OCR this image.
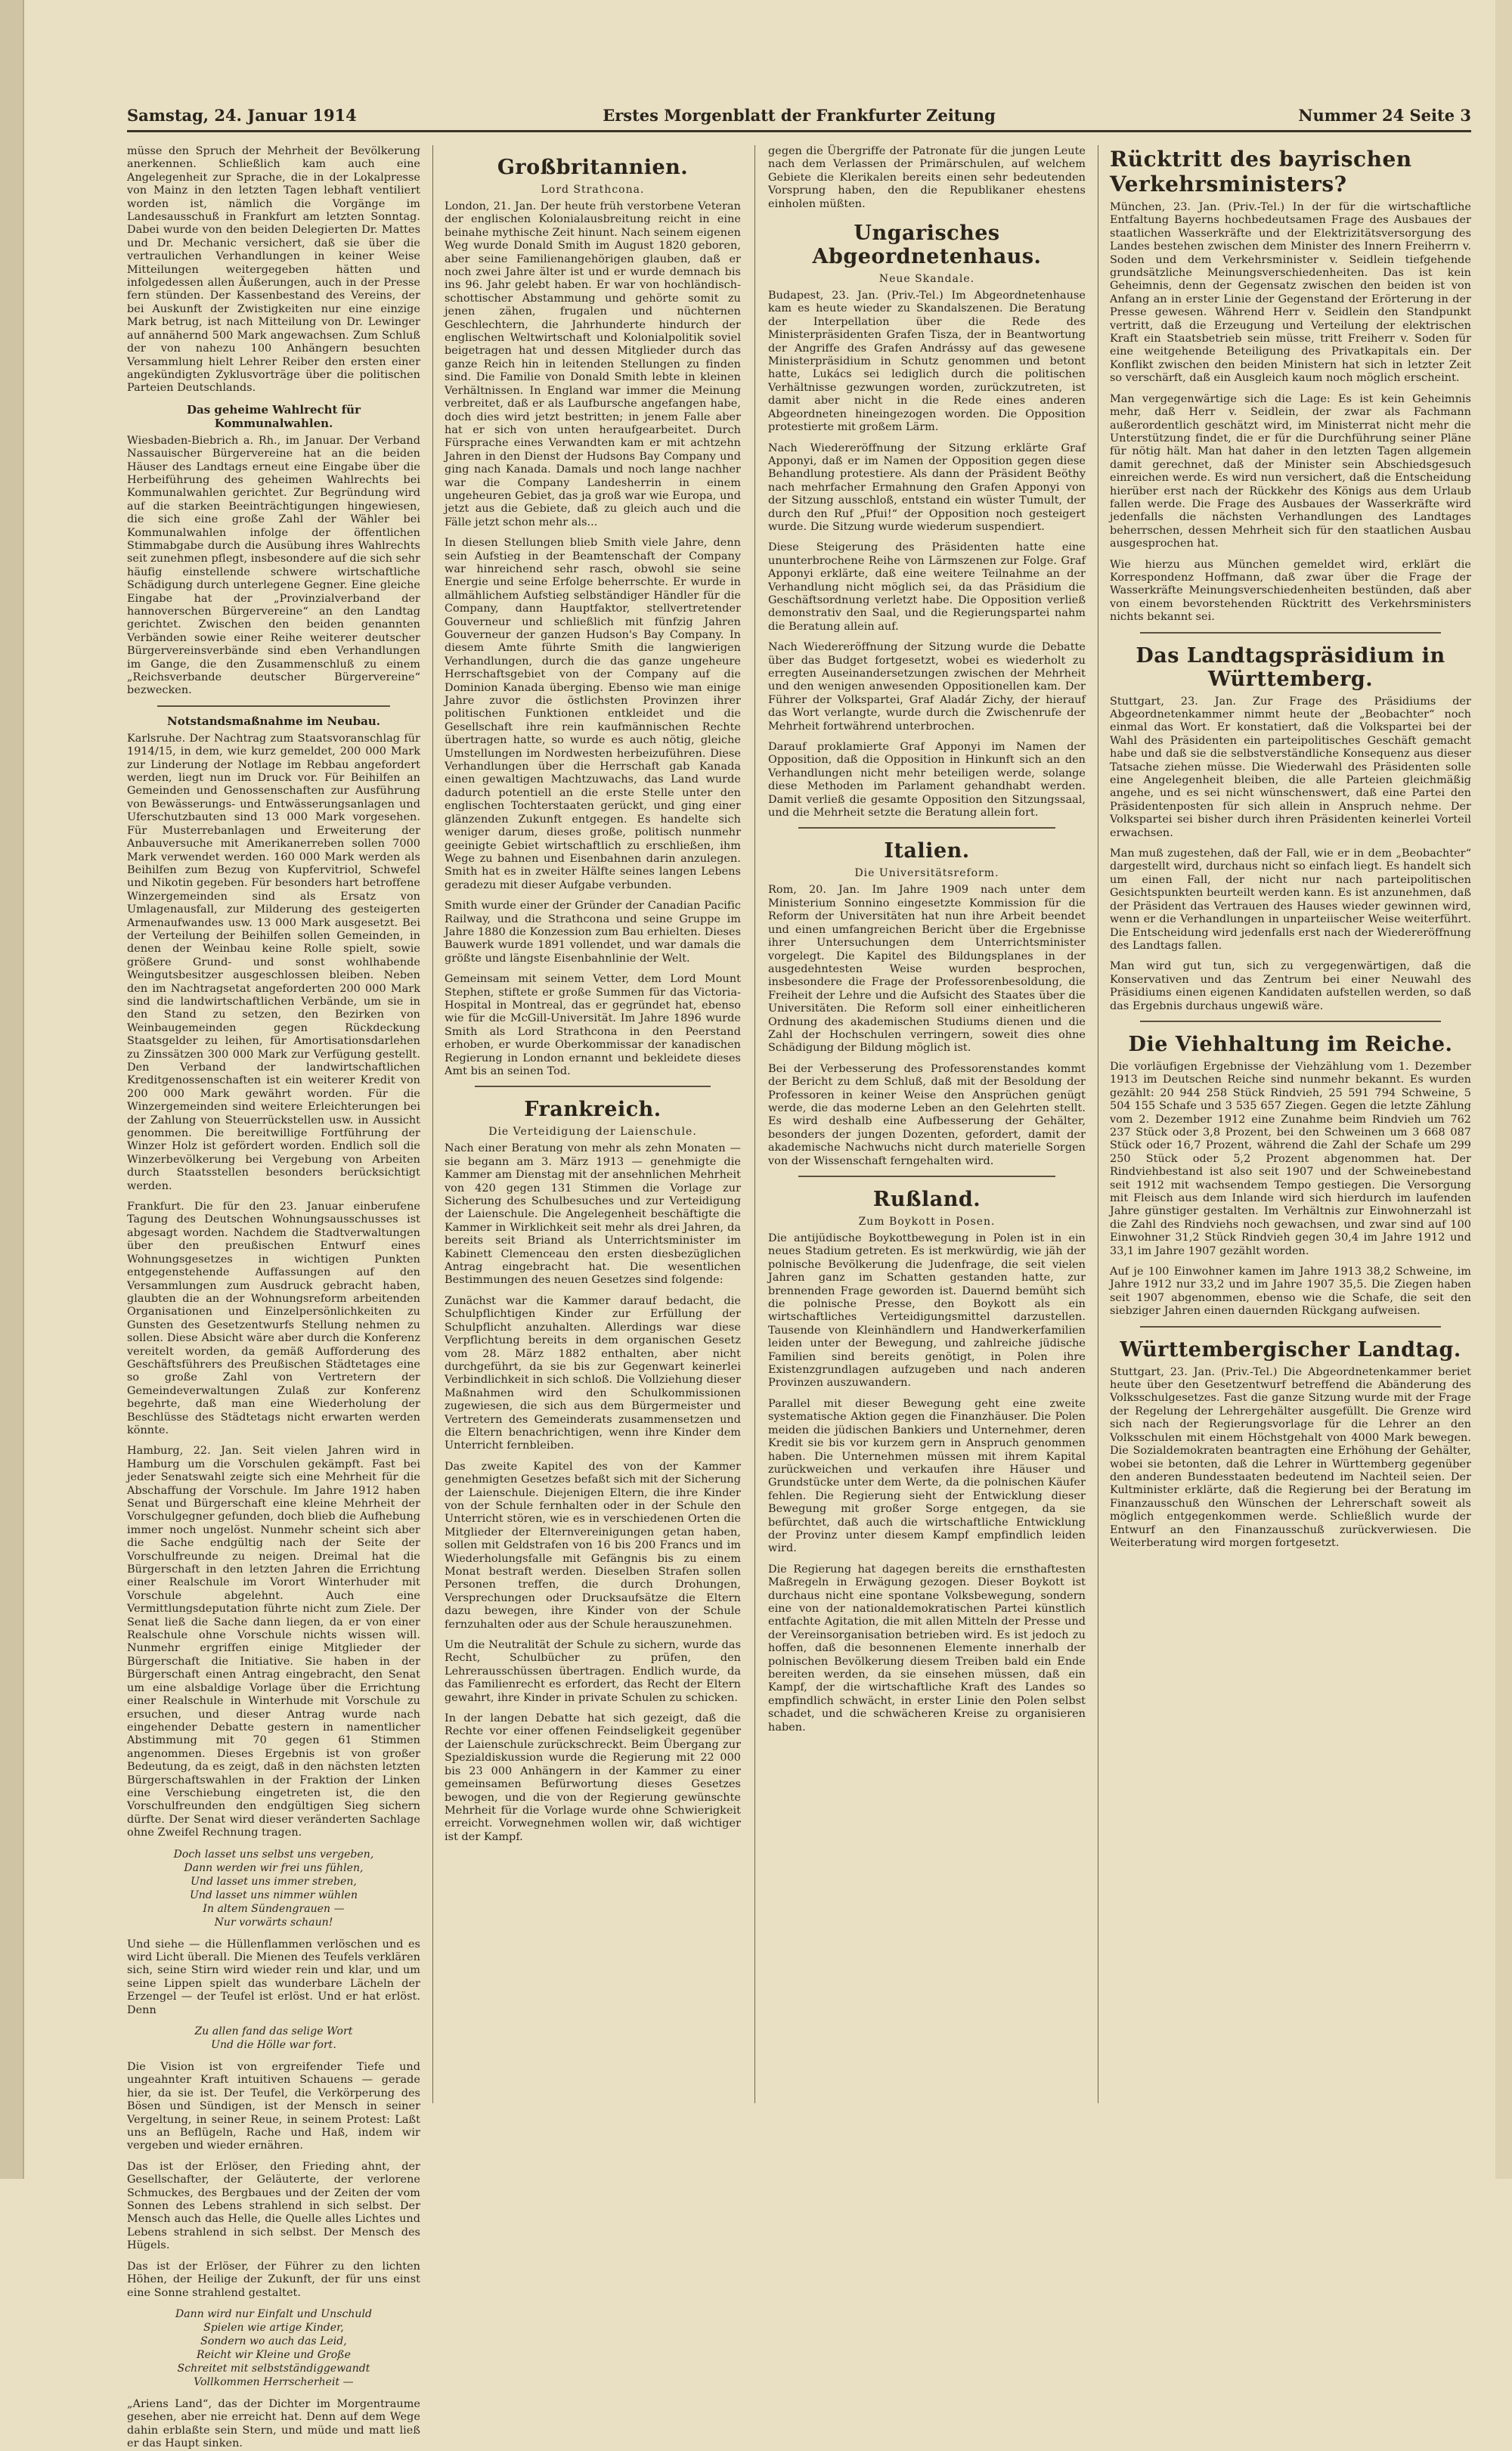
Samstag, 24. Januar 1914	Erstes Morgenblatt der Frankfurter Zeitung	Nummer 24 Seite 3

müsse den Spruch der Mehrheit der Bevölkerung anerkennen. Schließlich kam auch eine Angelegenheit zur Sprache, die in der Lokalpresse von Mainz in den letzten Tagen lebhaft ventiliert worden ist, nämlich die Vorgänge im Landesausschuß in Frankfurt am letzten Sonntag. Dabei wurde von den beiden Delegierten Dr. Mattes und Dr. Mechanic versichert, daß sie über die vertraulichen Verhandlungen in keiner Weise Mitteilungen weitergegeben hätten und infolgedessen allen Äußerungen, auch in der Presse fern stünden. Der Kassenbestand des Vereins, der bei Auskunft der Zwistigkeiten nur eine einzige Mark betrug, ist nach Mitteilung von Dr. Lewinger auf annähernd 500 Mark angewachsen. Zum Schluß der von nahezu 100 Anhängern besuchten Versammlung hielt Lehrer Reiber den ersten einer angekündigten Zyklusvorträge über die politischen Parteien Deutschlands.

Das geheime Wahlrecht für Kommunalwahlen.

Wiesbaden-Biebrich a. Rh., im Januar. Der Verband Nassauischer Bürgervereine hat an die beiden Häuser des Landtags erneut eine Eingabe über die Herbeiführung des geheimen Wahlrechts bei Kommunalwahlen gerichtet. Zur Begründung wird auf die starken Beeinträchtigungen hingewiesen, die sich eine große Zahl der Wähler bei Kommunalwahlen infolge der öffentlichen Stimmabgabe durch die Ausübung ihres Wahlrechts seit zunehmen pflegt, insbesondere auf die sich sehr häufig einstellende schwere wirtschaftliche Schädigung durch unterlegene Gegner. Eine gleiche Eingabe hat der „Provinzialverband der hannoverschen Bürgervereine“ an den Landtag gerichtet. Zwischen den beiden genannten Verbänden sowie einer Reihe weiterer deutscher Bürgervereinsverbände sind eben Verhandlungen im Gange, die den Zusammenschluß zu einem „Reichsverbande deutscher Bürgervereine“ bezwecken.

Notstandsmaßnahme im Neubau.

Karlsruhe. Der Nachtrag zum Staatsvoranschlag für 1914/15, in dem, wie kurz gemeldet, 200 000 Mark zur Linderung der Notlage im Rebbau angefordert werden, liegt nun im Druck vor. Für Beihilfen an Gemeinden und Genossenschaften zur Ausführung von Bewässerungs- und Entwässerungsanlagen und Uferschutzbauten sind 13 000 Mark vorgesehen. Für Musterrebanlagen und Erweiterung der Anbauversuche mit Amerikanerreben sollen 7000 Mark verwendet werden. 160 000 Mark werden als Beihilfen zum Bezug von Kupfervitriol, Schwefel und Nikotin gegeben. Für besonders hart betroffene Winzergemeinden sind als Ersatz von Umlagenausfall, zur Milderung des gesteigerten Armenaufwandes usw. 13 000 Mark ausgesetzt. Bei der Verteilung der Beihilfen sollen Gemeinden, in denen der Weinbau keine Rolle spielt, sowie größere Grund- und sonst wohlhabende Weingutsbesitzer ausgeschlossen bleiben. Neben den im Nachtragsetat angeforderten 200 000 Mark sind die landwirtschaftlichen Verbände, um sie in den Stand zu setzen, den Bezirken von Weinbaugemeinden gegen Rückdeckung Staatsgelder zu leihen, für Amortisationsdarlehen zu Zinssätzen 300 000 Mark zur Verfügung gestellt. Den Verband der landwirtschaftlichen Kreditgenossenschaften ist ein weiterer Kredit von 200 000 Mark gewährt worden. Für die Winzergemeinden sind weitere Erleichterungen bei der Zahlung von Steuerrückstellen usw. in Aussicht genommen. Die bereitwillige Fortführung der Winzer Holz ist gefördert worden. Endlich soll die Winzerbevölkerung bei Vergebung von Arbeiten durch Staatsstellen besonders berücksichtigt werden.

Frankfurt. Die für den 23. Januar einberufene Tagung des Deutschen Wohnungsausschusses ist abgesagt worden. Nachdem die Stadtverwaltungen über den preußischen Entwurf eines Wohnungsgesetzes in wichtigen Punkten entgegenstehende Auffassungen auf den Versammlungen zum Ausdruck gebracht haben, glaubten die an der Wohnungsreform arbeitenden Organisationen und Einzelpersönlichkeiten zu Gunsten des Gesetzentwurfs Stellung nehmen zu sollen. Diese Absicht wäre aber durch die Konferenz vereitelt worden, da gemäß Aufforderung des Geschäftsführers des Preußischen Städtetages eine so große Zahl von Vertretern der Gemeindeverwaltungen Zulaß zur Konferenz begehrte, daß man eine Wiederholung der Beschlüsse des Städtetags nicht erwarten werden könnte.

Hamburg, 22. Jan. Seit vielen Jahren wird in Hamburg um die Vorschulen gekämpft. Fast bei jeder Senatswahl zeigte sich eine Mehrheit für die Abschaffung der Vorschule. Im Jahre 1912 haben Senat und Bürgerschaft eine kleine Mehrheit der Vorschulgegner gefunden, doch blieb die Aufhebung immer noch ungelöst. Nunmehr scheint sich aber die Sache endgültig nach der Seite der Vorschulfreunde zu neigen. Dreimal hat die Bürgerschaft in den letzten Jahren die Errichtung einer Realschule im Vorort Winterhuder mit Vorschule abgelehnt. Auch eine Vermittlungsdeputation führte nicht zum Ziele. Der Senat ließ die Sache dann liegen, da er von einer Realschule ohne Vorschule nichts wissen will. Nunmehr ergriffen einige Mitglieder der Bürgerschaft die Initiative. Sie haben in der Bürgerschaft einen Antrag eingebracht, den Senat um eine alsbaldige Vorlage über die Errichtung einer Realschule in Winterhude mit Vorschule zu ersuchen, und dieser Antrag wurde nach eingehender Debatte gestern in namentlicher Abstimmung mit 70 gegen 61 Stimmen angenommen. Dieses Ergebnis ist von großer Bedeutung, da es zeigt, daß in den nächsten letzten Bürgerschaftswahlen in der Fraktion der Linken eine Verschiebung eingetreten ist, die den Vorschulfreunden den endgültigen Sieg sichern dürfte. Der Senat wird dieser veränderten Sachlage ohne Zweifel Rechnung tragen.

Doch lasset uns selbst uns vergeben,

Dann werden wir frei uns fühlen,

Und lasset uns immer streben,

Und lasset uns nimmer wühlen

In altem Sündengrauen —

Nur vorwärts schaun!

Und siehe — die Hüllenflammen verlöschen und es wird Licht überall. Die Mienen des Teufels verklären sich, seine Stirn wird wieder rein und klar, und um seine Lippen spielt das wunderbare Lächeln der Erzengel — der Teufel ist erlöst. Und er hat erlöst. Denn

Zu allen fand das selige Wort

Und die Hölle war fort.

Die Vision ist von ergreifender Tiefe und ungeahnter Kraft intuitiven Schauens — gerade hier, da sie ist. Der Teufel, die Verkörperung des Bösen und Sündigen, ist der Mensch in seiner Vergeltung, in seiner Reue, in seinem Protest: Laßt uns an Beflügeln, Rache und Haß, indem wir vergeben und wieder ernähren.

Das ist der Erlöser, den Frieding ahnt, der Gesellschafter, der Geläuterte, der verlorene Schmuckes, des Bergbaues und der Zeiten der vom Sonnen des Lebens strahlend in sich selbst. Der Mensch auch das Helle, die Quelle alles Lichtes und Lebens strahlend in sich selbst. Der Mensch des Hügels.

Das ist der Erlöser, der Führer zu den lichten Höhen, der Heilige der Zukunft, der für uns einst eine Sonne strahlend gestaltet.

Dann wird nur Einfalt und Unschuld

Spielen wie artige Kinder,

Sondern wo auch das Leid,

Reicht wir Kleine und Große

Schreitet mit selbstständiggewandt

Vollkommen Herrscherheit —

„Ariens Land“, das der Dichter im Morgentraume gesehen, aber nie erreicht hat. Denn auf dem Wege dahin erblaßte sein Stern, und müde und matt ließ er das Haupt sinken.

Großbritannien.
Lord Strathcona.

London, 21. Jan. Der heute früh verstorbene Veteran der englischen Kolonialausbreitung reicht in eine beinahe mythische Zeit hinunt. Nach seinem eigenen Weg wurde Donald Smith im August 1820 geboren, aber seine Familienangehörigen glauben, daß er noch zwei Jahre älter ist und er wurde demnach bis ins 96. Jahr gelebt haben. Er war von hochländisch-schottischer Abstammung und gehörte somit zu jenen zähen, frugalen und nüchternen Geschlechtern, die Jahrhunderte hindurch der englischen Weltwirtschaft und Kolonialpolitik soviel beigetragen hat und dessen Mitglieder durch das ganze Reich hin in leitenden Stellungen zu finden sind. Die Familie von Donald Smith lebte in kleinen Verhältnissen. In England war immer die Meinung verbreitet, daß er als Laufbursche angefangen habe, doch dies wird jetzt bestritten; in jenem Falle aber hat er sich von unten heraufgearbeitet. Durch Fürsprache eines Verwandten kam er mit achtzehn Jahren in den Dienst der Hudsons Bay Company und ging nach Kanada. Damals und noch lange nachher war die Company Landesherrin in einem ungeheuren Gebiet, das ja groß war wie Europa, und jetzt aus die Gebiete, daß zu gleich auch und die Fälle jetzt schon mehr als...

In diesen Stellungen blieb Smith viele Jahre, denn sein Aufstieg in der Beamtenschaft der Company war hinreichend sehr rasch, obwohl sie seine Energie und seine Erfolge beherrschte. Er wurde in allmählichem Aufstieg selbständiger Händler für die Company, dann Hauptfaktor, stellvertretender Gouverneur und schließlich mit fünfzig Jahren Gouverneur der ganzen Hudson's Bay Company. In diesem Amte führte Smith die langwierigen Verhandlungen, durch die das ganze ungeheure Herrschaftsgebiet von der Company auf die Dominion Kanada überging. Ebenso wie man einige Jahre zuvor die östlichsten Provinzen ihrer politischen Funktionen entkleidet und die Gesellschaft ihre rein kaufmännischen Rechte übertragen hatte, so wurde es auch nötig, gleiche Umstellungen im Nordwesten herbeizuführen. Diese Verhandlungen über die Herrschaft gab Kanada einen gewaltigen Machtzuwachs, das Land wurde dadurch potentiell an die erste Stelle unter den englischen Tochterstaaten gerückt, und ging einer glänzenden Zukunft entgegen. Es handelte sich weniger darum, dieses große, politisch nunmehr geeinigte Gebiet wirtschaftlich zu erschließen, ihm Wege zu bahnen und Eisenbahnen darin anzulegen. Smith hat es in zweiter Hälfte seines langen Lebens geradezu mit dieser Aufgabe verbunden.

Smith wurde einer der Gründer der Canadian Pacific Railway, und die Strathcona und seine Gruppe im Jahre 1880 die Konzession zum Bau erhielten. Dieses Bauwerk wurde 1891 vollendet, und war damals die größte und längste Eisenbahnlinie der Welt.

Gemeinsam mit seinem Vetter, dem Lord Mount Stephen, stiftete er große Summen für das Victoria-Hospital in Montreal, das er gegründet hat, ebenso wie für die McGill-Universität. Im Jahre 1896 wurde Smith als Lord Strathcona in den Peerstand erhoben, er wurde Oberkommissar der kanadischen Regierung in London ernannt und bekleidete dieses Amt bis an seinen Tod.

Frankreich.
Die Verteidigung der Laienschule.

Nach einer Beratung von mehr als zehn Monaten — sie begann am 3. März 1913 — genehmigte die Kammer am Dienstag mit der ansehnlichen Mehrheit von 420 gegen 131 Stimmen die Vorlage zur Sicherung des Schulbesuches und zur Verteidigung der Laienschule. Die Angelegenheit beschäftigte die Kammer in Wirklichkeit seit mehr als drei Jahren, da bereits seit Briand als Unterrichtsminister im Kabinett Clemenceau den ersten diesbezüglichen Antrag eingebracht hat. Die wesentlichen Bestimmungen des neuen Gesetzes sind folgende:

Zunächst war die Kammer darauf bedacht, die Schulpflichtigen Kinder zur Erfüllung der Schulpflicht anzuhalten. Allerdings war diese Verpflichtung bereits in dem organischen Gesetz vom 28. März 1882 enthalten, aber nicht durchgeführt, da sie bis zur Gegenwart keinerlei Verbindlichkeit in sich schloß. Die Vollziehung dieser Maßnahmen wird den Schulkommissionen zugewiesen, die sich aus dem Bürgermeister und Vertretern des Gemeinderats zusammensetzen und die Eltern benachrichtigen, wenn ihre Kinder dem Unterricht fernbleiben.

Das zweite Kapitel des von der Kammer genehmigten Gesetzes befaßt sich mit der Sicherung der Laienschule. Diejenigen Eltern, die ihre Kinder von der Schule fernhalten oder in der Schule den Unterricht stören, wie es in verschiedenen Orten die Mitglieder der Elternvereinigungen getan haben, sollen mit Geldstrafen von 16 bis 200 Francs und im Wiederholungsfalle mit Gefängnis bis zu einem Monat bestraft werden. Dieselben Strafen sollen Personen treffen, die durch Drohungen, Versprechungen oder Drucksaufsätze die Eltern dazu bewegen, ihre Kinder von der Schule fernzuhalten oder aus der Schule herauszunehmen.

Um die Neutralität der Schule zu sichern, wurde das Recht, Schulbücher zu prüfen, den Lehrerausschüssen übertragen. Endlich wurde, da das Familienrecht es erfordert, das Recht der Eltern gewahrt, ihre Kinder in private Schulen zu schicken.

In der langen Debatte hat sich gezeigt, daß die Rechte vor einer offenen Feindseligkeit gegenüber der Laienschule zurückschreckt. Beim Übergang zur Spezialdiskussion wurde die Regierung mit 22 000 bis 23 000 Anhängern in der Kammer zu einer gemeinsamen Befürwortung dieses Gesetzes bewogen, und die von der Regierung gewünschte Mehrheit für die Vorlage wurde ohne Schwierigkeit erreicht. Vorwegnehmen wollen wir, daß wichtiger ist der Kampf.

gegen die Übergriffe der Patronate für die jungen Leute nach dem Verlassen der Primärschulen, auf welchem Gebiete die Klerikalen bereits einen sehr bedeutenden Vorsprung haben, den die Republikaner ehestens einholen müßten.

Ungarisches Abgeordnetenhaus.
Neue Skandale.

Budapest, 23. Jan. (Priv.-Tel.) Im Abgeordnetenhause kam es heute wieder zu Skandalszenen. Die Beratung der Interpellation über die Rede des Ministerpräsidenten Grafen Tisza, der in Beantwortung der Angriffe des Grafen Andrássy auf das gewesene Ministerpräsidium in Schutz genommen und betont hatte, Lukács sei lediglich durch die politischen Verhältnisse gezwungen worden, zurückzutreten, ist damit aber nicht in die Rede eines anderen Abgeordneten hineingezogen worden. Die Opposition protestierte mit großem Lärm.

Nach Wiedereröffnung der Sitzung erklärte Graf Apponyi, daß er im Namen der Opposition gegen diese Behandlung protestiere. Als dann der Präsident Beöthy nach mehrfacher Ermahnung den Grafen Apponyi von der Sitzung ausschloß, entstand ein wüster Tumult, der durch den Ruf „Pfui!“ der Opposition noch gesteigert wurde. Die Sitzung wurde wiederum suspendiert.

Diese Steigerung des Präsidenten hatte eine ununterbrochene Reihe von Lärmszenen zur Folge. Graf Apponyi erklärte, daß eine weitere Teilnahme an der Verhandlung nicht möglich sei, da das Präsidium die Geschäftsordnung verletzt habe. Die Opposition verließ demonstrativ den Saal, und die Regierungspartei nahm die Beratung allein auf.

Nach Wiedereröffnung der Sitzung wurde die Debatte über das Budget fortgesetzt, wobei es wiederholt zu erregten Auseinandersetzungen zwischen der Mehrheit und den wenigen anwesenden Oppositionellen kam. Der Führer der Volkspartei, Graf Aladár Zichy, der hierauf das Wort verlangte, wurde durch die Zwischenrufe der Mehrheit fortwährend unterbrochen.

Darauf proklamierte Graf Apponyi im Namen der Opposition, daß die Opposition in Hinkunft sich an den Verhandlungen nicht mehr beteiligen werde, solange diese Methoden im Parlament gehandhabt werden. Damit verließ die gesamte Opposition den Sitzungssaal, und die Mehrheit setzte die Beratung allein fort.

Italien.
Die Universitätsreform.

Rom, 20. Jan. Im Jahre 1909 nach unter dem Ministerium Sonnino eingesetzte Kommission für die Reform der Universitäten hat nun ihre Arbeit beendet und einen umfangreichen Bericht über die Ergebnisse ihrer Untersuchungen dem Unterrichtsminister vorgelegt. Die Kapitel des Bildungsplanes in der ausgedehntesten Weise wurden besprochen, insbesondere die Frage der Professorenbesoldung, die Freiheit der Lehre und die Aufsicht des Staates über die Universitäten. Die Reform soll einer einheitlicheren Ordnung des akademischen Studiums dienen und die Zahl der Hochschulen verringern, soweit dies ohne Schädigung der Bildung möglich ist.

Bei der Verbesserung des Professorenstandes kommt der Bericht zu dem Schluß, daß mit der Besoldung der Professoren in keiner Weise den Ansprüchen genügt werde, die das moderne Leben an den Gelehrten stellt. Es wird deshalb eine Aufbesserung der Gehälter, besonders der jungen Dozenten, gefordert, damit der akademische Nachwuchs nicht durch materielle Sorgen von der Wissenschaft ferngehalten wird.

Rußland.
Zum Boykott in Posen.

Die antijüdische Boykottbewegung in Polen ist in ein neues Stadium getreten. Es ist merkwürdig, wie jäh der polnische Bevölkerung die Judenfrage, die seit vielen Jahren ganz im Schatten gestanden hatte, zur brennenden Frage geworden ist. Dauernd bemüht sich die polnische Presse, den Boykott als ein wirtschaftliches Verteidigungsmittel darzustellen. Tausende von Kleinhändlern und Handwerkerfamilien leiden unter der Bewegung, und zahlreiche jüdische Familien sind bereits genötigt, in Polen ihre Existenzgrundlagen aufzugeben und nach anderen Provinzen auszuwandern.

Parallel mit dieser Bewegung geht eine zweite systematische Aktion gegen die Finanzhäuser. Die Polen meiden die jüdischen Bankiers und Unternehmer, deren Kredit sie bis vor kurzem gern in Anspruch genommen haben. Die Unternehmen müssen mit ihrem Kapital zurückweichen und verkaufen ihre Häuser und Grundstücke unter dem Werte, da die polnischen Käufer fehlen. Die Regierung sieht der Entwicklung dieser Bewegung mit großer Sorge entgegen, da sie befürchtet, daß auch die wirtschaftliche Entwicklung der Provinz unter diesem Kampf empfindlich leiden wird.

Die Regierung hat dagegen bereits die ernsthaftesten Maßregeln in Erwägung gezogen. Dieser Boykott ist durchaus nicht eine spontane Volksbewegung, sondern eine von der nationaldemokratischen Partei künstlich entfachte Agitation, die mit allen Mitteln der Presse und der Vereinsorganisation betrieben wird. Es ist jedoch zu hoffen, daß die besonnenen Elemente innerhalb der polnischen Bevölkerung diesem Treiben bald ein Ende bereiten werden, da sie einsehen müssen, daß ein Kampf, der die wirtschaftliche Kraft des Landes so empfindlich schwächt, in erster Linie den Polen selbst schadet, und die schwächeren Kreise zu organisieren haben.

Rücktritt des bayrischen Verkehrsministers?

München, 23. Jan. (Priv.-Tel.) In der für die wirtschaftliche Entfaltung Bayerns hochbedeutsamen Frage des Ausbaues der staatlichen Wasserkräfte und der Elektrizitätsversorgung des Landes bestehen zwischen dem Minister des Innern Freiherrn v. Soden und dem Verkehrsminister v. Seidlein tiefgehende grundsätzliche Meinungsverschiedenheiten. Das ist kein Geheimnis, denn der Gegensatz zwischen den beiden ist von Anfang an in erster Linie der Gegenstand der Erörterung in der Presse gewesen. Während Herr v. Seidlein den Standpunkt vertritt, daß die Erzeugung und Verteilung der elektrischen Kraft ein Staatsbetrieb sein müsse, tritt Freiherr v. Soden für eine weitgehende Beteiligung des Privatkapitals ein. Der Konflikt zwischen den beiden Ministern hat sich in letzter Zeit so verschärft, daß ein Ausgleich kaum noch möglich erscheint.

Man vergegenwärtige sich die Lage: Es ist kein Geheimnis mehr, daß Herr v. Seidlein, der zwar als Fachmann außerordentlich geschätzt wird, im Ministerrat nicht mehr die Unterstützung findet, die er für die Durchführung seiner Pläne für nötig hält. Man hat daher in den letzten Tagen allgemein damit gerechnet, daß der Minister sein Abschiedsgesuch einreichen werde. Es wird nun versichert, daß die Entscheidung hierüber erst nach der Rückkehr des Königs aus dem Urlaub fallen werde. Die Frage des Ausbaues der Wasserkräfte wird jedenfalls die nächsten Verhandlungen des Landtages beherrschen, dessen Mehrheit sich für den staatlichen Ausbau ausgesprochen hat.

Wie hierzu aus München gemeldet wird, erklärt die Korrespondenz Hoffmann, daß zwar über die Frage der Wasserkräfte Meinungsverschiedenheiten bestünden, daß aber von einem bevorstehenden Rücktritt des Verkehrsministers nichts bekannt sei.

Das Landtagspräsidium in Württemberg.

Stuttgart, 23. Jan. Zur Frage des Präsidiums der Abgeordnetenkammer nimmt heute der „Beobachter“ noch einmal das Wort. Er konstatiert, daß die Volkspartei bei der Wahl des Präsidenten ein parteipolitisches Geschäft gemacht habe und daß sie die selbstverständliche Konsequenz aus dieser Tatsache ziehen müsse. Die Wiederwahl des Präsidenten solle eine Angelegenheit bleiben, die alle Parteien gleichmäßig angehe, und es sei nicht wünschenswert, daß eine Partei den Präsidentenposten für sich allein in Anspruch nehme. Der Volkspartei sei bisher durch ihren Präsidenten keinerlei Vorteil erwachsen.

Man muß zugestehen, daß der Fall, wie er in dem „Beobachter“ dargestellt wird, durchaus nicht so einfach liegt. Es handelt sich um einen Fall, der nicht nur nach parteipolitischen Gesichtspunkten beurteilt werden kann. Es ist anzunehmen, daß der Präsident das Vertrauen des Hauses wieder gewinnen wird, wenn er die Verhandlungen in unparteiischer Weise weiterführt. Die Entscheidung wird jedenfalls erst nach der Wiedereröffnung des Landtags fallen.

Man wird gut tun, sich zu vergegenwärtigen, daß die Konservativen und das Zentrum bei einer Neuwahl des Präsidiums einen eigenen Kandidaten aufstellen werden, so daß das Ergebnis durchaus ungewiß wäre.

Die Viehhaltung im Reiche.

Die vorläufigen Ergebnisse der Viehzählung vom 1. Dezember 1913 im Deutschen Reiche sind nunmehr bekannt. Es wurden gezählt: 20 944 258 Stück Rindvieh, 25 591 794 Schweine, 5 504 155 Schafe und 3 535 657 Ziegen. Gegen die letzte Zählung vom 2. Dezember 1912 eine Zunahme beim Rindvieh um 762 237 Stück oder 3,8 Prozent, bei den Schweinen um 3 668 087 Stück oder 16,7 Prozent, während die Zahl der Schafe um 299 250 Stück oder 5,2 Prozent abgenommen hat. Der Rindviehbestand ist also seit 1907 und der Schweinebestand seit 1912 mit wachsendem Tempo gestiegen. Die Versorgung mit Fleisch aus dem Inlande wird sich hierdurch im laufenden Jahre günstiger gestalten. Im Verhältnis zur Einwohnerzahl ist die Zahl des Rindviehs noch gewachsen, und zwar sind auf 100 Einwohner 31,2 Stück Rindvieh gegen 30,4 im Jahre 1912 und 33,1 im Jahre 1907 gezählt worden.

Auf je 100 Einwohner kamen im Jahre 1913 38,2 Schweine, im Jahre 1912 nur 33,2 und im Jahre 1907 35,5. Die Ziegen haben seit 1907 abgenommen, ebenso wie die Schafe, die seit den siebziger Jahren einen dauernden Rückgang aufweisen.

Württembergischer Landtag.

Stuttgart, 23. Jan. (Priv.-Tel.) Die Abgeordnetenkammer beriet heute über den Gesetzentwurf betreffend die Abänderung des Volksschulgesetzes. Fast die ganze Sitzung wurde mit der Frage der Regelung der Lehrergehälter ausgefüllt. Die Grenze wird sich nach der Regierungsvorlage für die Lehrer an den Volksschulen mit einem Höchstgehalt von 4000 Mark bewegen. Die Sozialdemokraten beantragten eine Erhöhung der Gehälter, wobei sie betonten, daß die Lehrer in Württemberg gegenüber den anderen Bundesstaaten bedeutend im Nachteil seien. Der Kultminister erklärte, daß die Regierung bei der Beratung im Finanzausschuß den Wünschen der Lehrerschaft soweit als möglich entgegenkommen werde. Schließlich wurde der Entwurf an den Finanzausschuß zurückverwiesen. Die Weiterberatung wird morgen fortgesetzt.
